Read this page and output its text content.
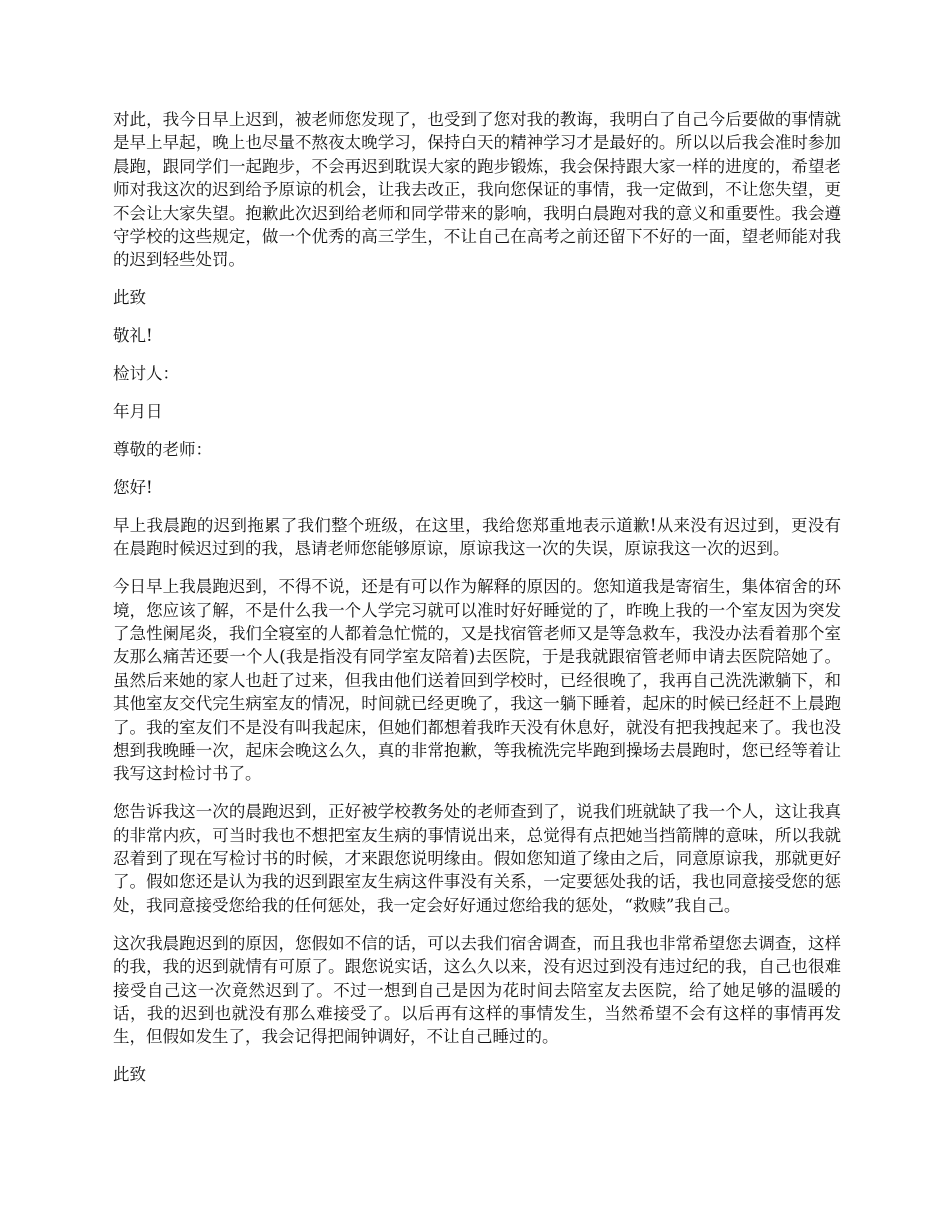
对此，我今日早上迟到，被老师您发现了，也受到了您对我的教诲，我明白了自己今后要做的事情就是早上早起，晚上也尽量不熬夜太晚学习，保持白天的精神学习才是最好的。所以以后我会准时参加晨跑，跟同学们一起跑步，不会再迟到耽误大家的跑步锻炼，我会保持跟大家一样的进度的，希望老师对我这次的迟到给予原谅的机会，让我去改正，我向您保证的事情，我一定做到，不让您失望，更不会让大家失望。抱歉此次迟到给老师和同学带来的影响，我明白晨跑对我的意义和重要性。我会遵守学校的这些规定，做一个优秀的高三学生，不让自己在高考之前还留下不好的一面，望老师能对我的迟到轻些处罚。

此致

敬礼!

检讨人：

年月日

尊敬的老师：

您好!

早上我晨跑的迟到拖累了我们整个班级，在这里，我给您郑重地表示道歉!从来没有迟过到，更没有在晨跑时候迟过到的我，恳请老师您能够原谅，原谅我这一次的失误，原谅我这一次的迟到。

今日早上我晨跑迟到，不得不说，还是有可以作为解释的原因的。您知道我是寄宿生，集体宿舍的环境，您应该了解，不是什么我一个人学完习就可以准时好好睡觉的了，昨晚上我的一个室友因为突发了急性阑尾炎，我们全寝室的人都着急忙慌的，又是找宿管老师又是等急救车，我没办法看着那个室友那么痛苦还要一个人(我是指没有同学室友陪着)去医院，于是我就跟宿管老师申请去医院陪她了。虽然后来她的家人也赶了过来，但我由他们送着回到学校时，已经很晚了，我再自己洗洗漱躺下，和其他室友交代完生病室友的情况，时间就已经更晚了，我这一躺下睡着，起床的时候已经赶不上晨跑了。我的室友们不是没有叫我起床，但她们都想着我昨天没有休息好，就没有把我拽起来了。我也没想到我晚睡一次，起床会晚这么久，真的非常抱歉，等我梳洗完毕跑到操场去晨跑时，您已经等着让我写这封检讨书了。

您告诉我这一次的晨跑迟到，正好被学校教务处的老师查到了，说我们班就缺了我一个人，这让我真的非常内疚，可当时我也不想把室友生病的事情说出来，总觉得有点把她当挡箭牌的意味，所以我就忍着到了现在写检讨书的时候，才来跟您说明缘由。假如您知道了缘由之后，同意原谅我，那就更好了。假如您还是认为我的迟到跟室友生病这件事没有关系，一定要惩处我的话，我也同意接受您的惩处，我同意接受您给我的任何惩处，我一定会好好通过您给我的惩处，“救赎”我自己。

这次我晨跑迟到的原因，您假如不信的话，可以去我们宿舍调查，而且我也非常希望您去调查，这样的我，我的迟到就情有可原了。跟您说实话，这么久以来，没有迟过到没有违过纪的我，自己也很难接受自己这一次竟然迟到了。不过一想到自己是因为花时间去陪室友去医院，给了她足够的温暖的话，我的迟到也就没有那么难接受了。以后再有这样的事情发生，当然希望不会有这样的事情再发生，但假如发生了，我会记得把闹钟调好，不让自己睡过的。

此致
